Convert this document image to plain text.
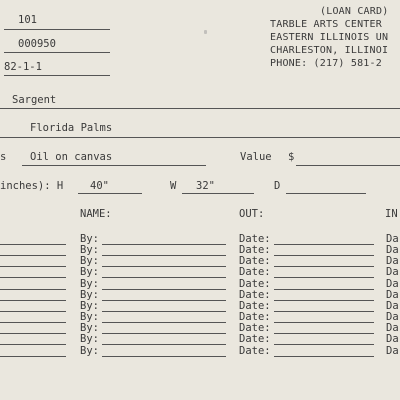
(LOAN CARD)
TARBLE ARTS CENTER
EASTERN ILLINOIS UN
CHARLESTON, ILLINOI
PHONE: (217) 581-2
101
000950
82-1-1
Sargent
Florida Palms
s Oil on canvas	Value $
inches): H	40"	W 32"	D
NAME:	OUT:	IN
By:	Date:	Da
By:	Date:	Da
By:	Date:	Da
By:	Date:	Da
By:	Date:	Da
By:	Date:	Da
By:	Date:	Da
By:	Date:	Da
By:	Date:	Da
By:	Date:	Da
By:	Date:	Da
